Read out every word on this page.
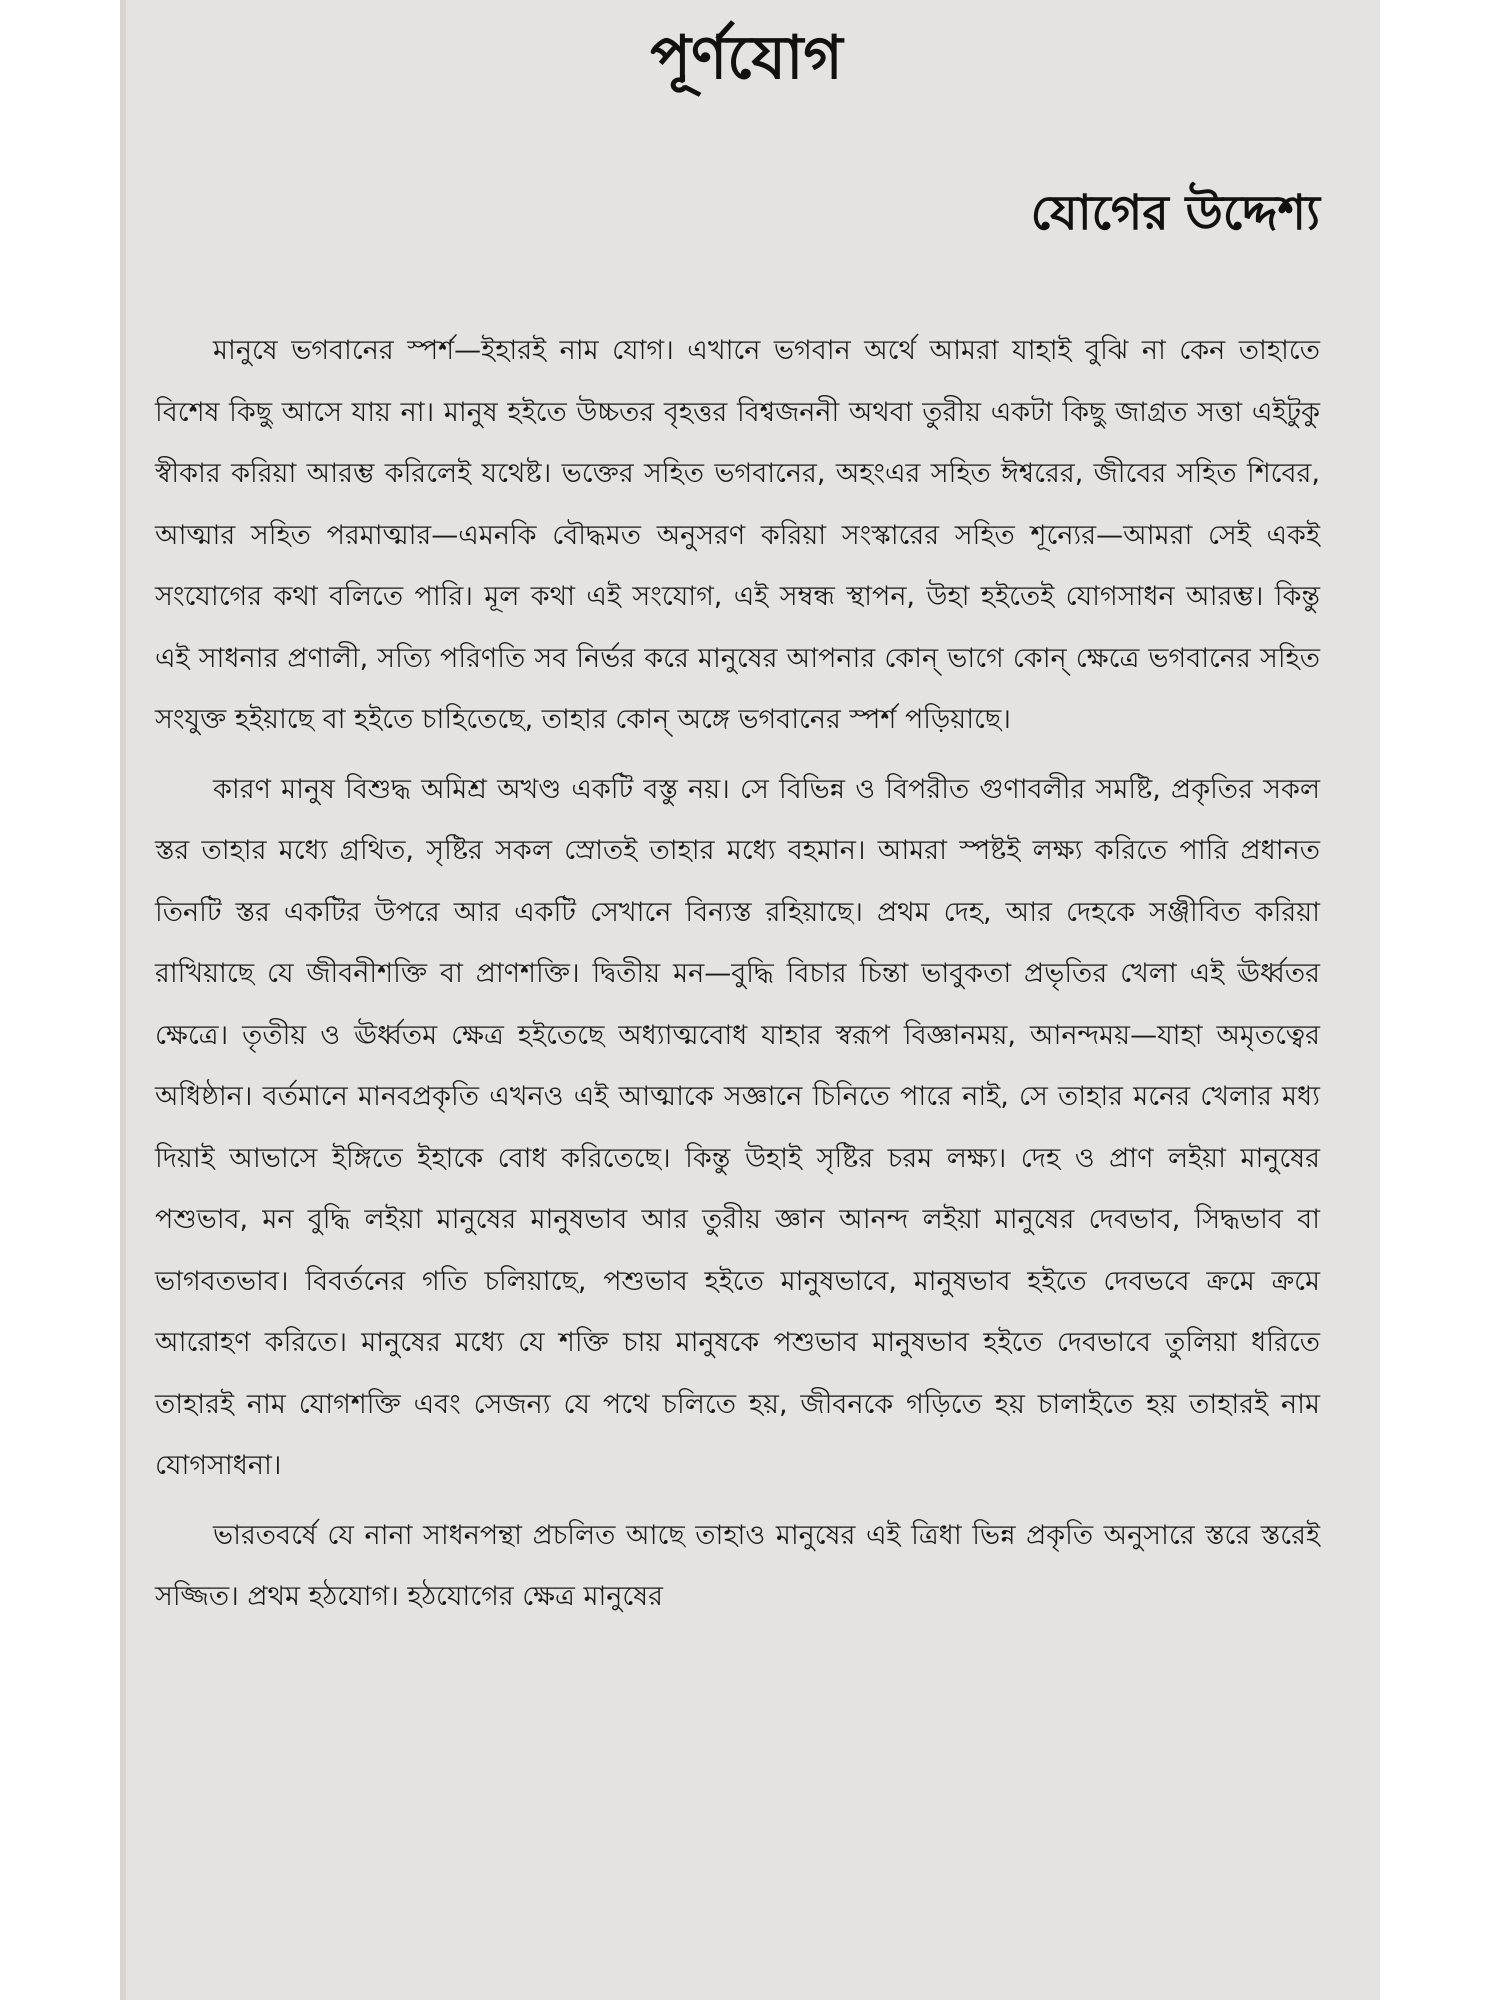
পূর্ণযোগ
যোগের উদ্দেশ্য

মানুষে ভগবানের স্পর্শ—ইহারই নাম যোগ। এখানে ভগবান অর্থে আমরা যাহাই বুঝি না কেন তাহাতে বিশেষ কিছু আসে যায় না। মানুষ হইতে উচ্চতর বৃহত্তর বিশ্বজননী অথবা তুরীয় একটা কিছু জাগ্রত সত্তা এইটুকু স্বীকার করিয়া আরম্ভ করিলেই যথেষ্ট। ভক্তের সহিত ভগবানের, অহংএর সহিত ঈশ্বরের, জীবের সহিত শিবের, আত্মার সহিত পরমাত্মার—এমনকি বৌদ্ধমত অনুসরণ করিয়া সংস্কারের সহিত শূন্যের—আমরা সেই একই সংযোগের কথা বলিতে পারি। মূল কথা এই সংযোগ, এই সম্বন্ধ স্থাপন, উহা হইতেই যোগসাধন আরম্ভ। কিন্তু এই সাধনার প্রণালী, সত্যি পরিণতি সব নির্ভর করে মানুষের আপনার কোন্ ভাগে কোন্ ক্ষেত্রে ভগবানের সহিত সংযুক্ত হইয়াছে বা হইতে চাহিতেছে, তাহার কোন্ অঙ্গে ভগবানের স্পর্শ পড়িয়াছে।

কারণ মানুষ বিশুদ্ধ অমিশ্র অখণ্ড একটি বস্তু নয়। সে বিভিন্ন ও বিপরীত গুণাবলীর সমষ্টি, প্রকৃতির সকল স্তর তাহার মধ্যে গ্রথিত, সৃষ্টির সকল স্রোতই তাহার মধ্যে বহমান। আমরা স্পষ্টই লক্ষ্য করিতে পারি প্রধানত তিনটি স্তর একটির উপরে আর একটি সেখানে বিন্যস্ত রহিয়াছে। প্রথম দেহ, আর দেহকে সঞ্জীবিত করিয়া রাখিয়াছে যে জীবনীশক্তি বা প্রাণশক্তি। দ্বিতীয় মন—বুদ্ধি বিচার চিন্তা ভাবুকতা প্রভৃতির খেলা এই ঊর্ধ্বতর ক্ষেত্রে। তৃতীয় ও ঊর্ধ্বতম ক্ষেত্র হইতেছে অধ্যাত্মবোধ যাহার স্বরূপ বিজ্ঞানময়, আনন্দময়—যাহা অমৃতত্বের অধিষ্ঠান। বর্তমানে মানবপ্রকৃতি এখনও এই আত্মাকে সজ্ঞানে চিনিতে পারে নাই, সে তাহার মনের খেলার মধ্য দিয়াই আভাসে ইঙ্গিতে ইহাকে বোধ করিতেছে। কিন্তু উহাই সৃষ্টির চরম লক্ষ্য। দেহ ও প্রাণ লইয়া মানুষের পশুভাব, মন বুদ্ধি লইয়া মানুষের মানুষভাব আর তুরীয় জ্ঞান আনন্দ লইয়া মানুষের দেবভাব, সিদ্ধভাব বা ভাগবতভাব। বিবর্তনের গতি চলিয়াছে, পশুভাব হইতে মানুষভাবে, মানুষভাব হইতে দেবভবে ক্রমে ক্রমে আরোহণ করিতে। মানুষের মধ্যে যে শক্তি চায় মানুষকে পশুভাব মানুষভাব হইতে দেবভাবে তুলিয়া ধরিতে তাহারই নাম যোগশক্তি এবং সেজন্য যে পথে চলিতে হয়, জীবনকে গড়িতে হয় চালাইতে হয় তাহারই নাম যোগসাধনা।

ভারতবর্ষে যে নানা সাধনপন্থা প্রচলিত আছে তাহাও মানুষের এই ত্রিধা ভিন্ন প্রকৃতি অনুসারে স্তরে স্তরেই সজ্জিত। প্রথম হঠযোগ। হঠযোগের ক্ষেত্র মানুষের
